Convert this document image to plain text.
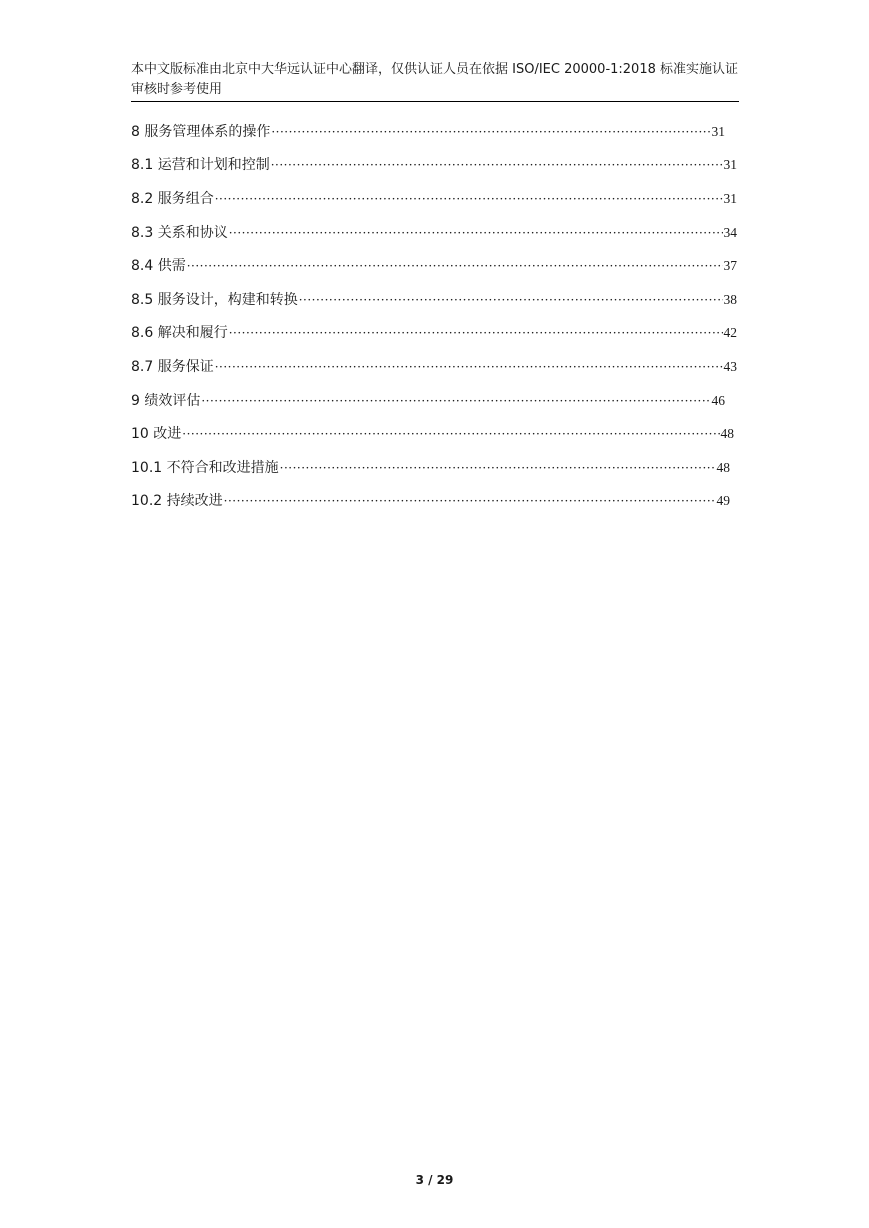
本中文版标准由北京中大华远认证中心翻译，仅供认证人员在依据 ISO/IEC 20000-1:2018 标准实施认证审核时参考使用
8 服务管理体系的操作 ·····	31
8.1 运营和计划和控制 ·····	31
8.2 服务组合 ·····	31
8.3 关系和协议 ·····	34
8.4 供需 ·····	37
8.5 服务设计，构建和转换 ·····	38
8.6 解决和履行 ·····	42
8.7 服务保证 ·····	43
9 绩效评估 ·····	46
10 改进 ·····	48
10.1 不符合和改进措施 ·····	48
10.2 持续改进 ·····	49
3 / 29
